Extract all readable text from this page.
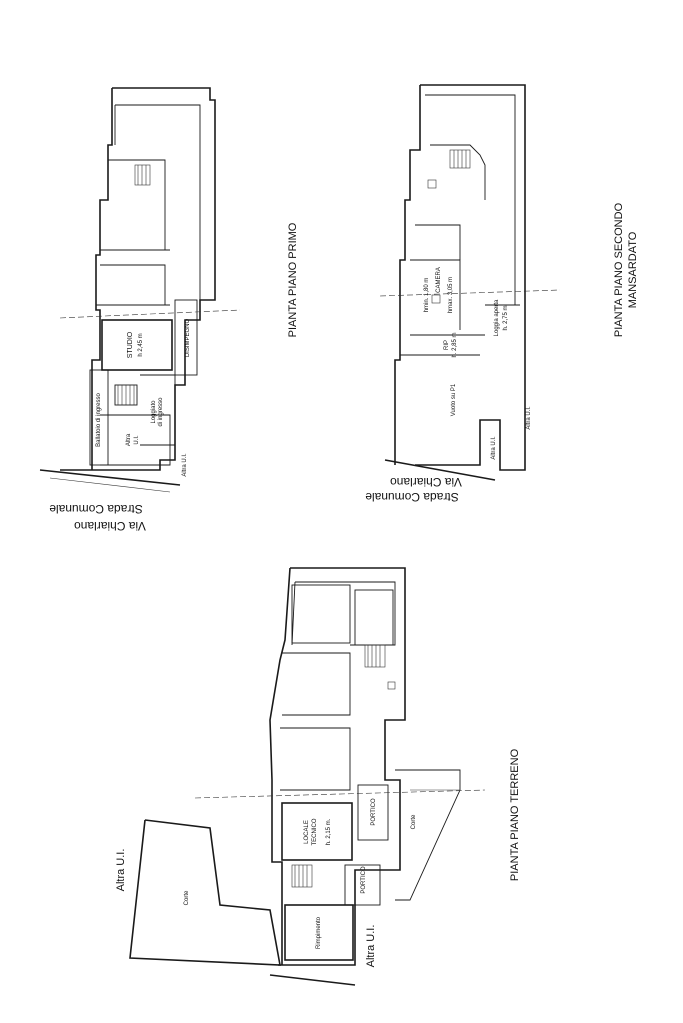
PIANTA PIANO PRIMO
STUDIO h 2,45 m	DISIMPEGNO
Loggiato di ingresso
Ballatoio di ingresso	Altra U.I.
Altra U.I.
Strada Comunale
Via Chiarlano
PIANTA PIANO SECONDO MANSARDATO
CAMERA
hmin. 1,80 m	hmax. 3,05 m
RIP h. 2,85 m
Loggia aperta h. 2,75 m
Vuoto su P1
Altra U.I.
Altra U.I.
Strada Comunale
Via Chiarlano
PIANTA PIANO TERRENO
LOCALE TECNICO h. 2,15 m.
PORTICO
PORTICO
Corte
Corte
Rimpimento
Altra U.I.
Altra U.I.
